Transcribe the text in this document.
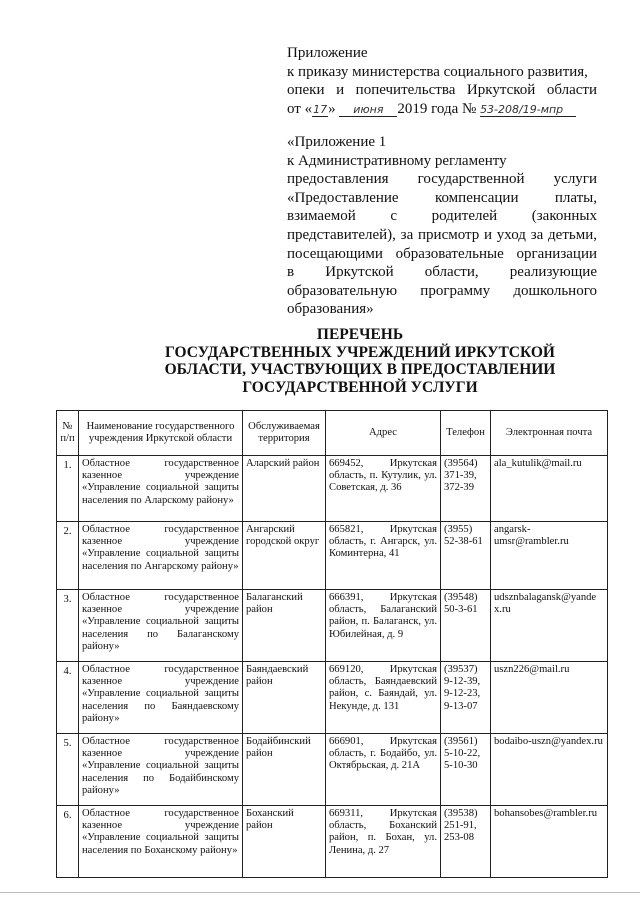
Приложение
к приказу министерства социального развития,
опеки и попечительства Иркутской области
от «17» июня 2019 года № 53-208/19-мпр
«Приложение 1
к Административному регламенту
предоставления государственной услуги
«Предоставление компенсации платы,
взимаемой с родителей (законных
представителей), за присмотр и уход за детьми,
посещающими образовательные организации
в Иркутской области, реализующие
образовательную программу дошкольного
образования»
ПЕРЕЧЕНЬ
ГОСУДАРСТВЕННЫХ УЧРЕЖДЕНИЙ ИРКУТСКОЙ
ОБЛАСТИ, УЧАСТВУЮЩИХ В ПРЕДОСТАВЛЕНИИ
ГОСУДАРСТВЕННОЙ УСЛУГИ
№ п/п	Наименование государственного учреждения Иркутской области	Обслуживаемая территория	Адрес	Телефон	Электронная почта
1.	Областное государственное казенное учреждение «Управление социальной защиты населения по Аларскому району»	Аларский район	669452, Иркутская область, п. Кутулик, ул. Советская, д. 36	(39564) 371-39, 372-39	ala_kutulik@mail.ru
2.	Областное государственное казенное учреждение «Управление социальной защиты населения по Ангарскому району»	Ангарский городской округ	665821, Иркутская область, г. Ангарск, ул. Коминтерна, 41	(3955) 52-38-61	angarsk-umsr@rambler.ru
3.	Областное государственное казенное учреждение «Управление социальной защиты населения по Балаганскому району»	Балаганский район	666391, Иркутская область, Балаганский район, п. Балаганск, ул. Юбилейная, д. 9	(39548) 50-3-61	udsznbalagansk@yandex.ru
4.	Областное государственное казенное учреждение «Управление социальной защиты населения по Баяндаевскому району»	Баяндаевский район	669120, Иркутская область, Баяндаевский район, с. Баяндай, ул. Некунде, д. 131	(39537) 9-12-39, 9-12-23, 9-13-07	uszn226@mail.ru
5.	Областное государственное казенное учреждение «Управление социальной защиты населения по Бодайбинскому району»	Бодайбинский район	666901, Иркутская область, г. Бодайбо, ул. Октябрьская, д. 21А	(39561) 5-10-22, 5-10-30	bodaibo-uszn@yandex.ru
6.	Областное государственное казенное учреждение «Управление социальной защиты населения по Боханскому району»	Боханский район	669311, Иркутская область, Боханский район, п. Бохан, ул. Ленина, д. 27	(39538) 251-91, 253-08	bohansobes@rambler.ru
